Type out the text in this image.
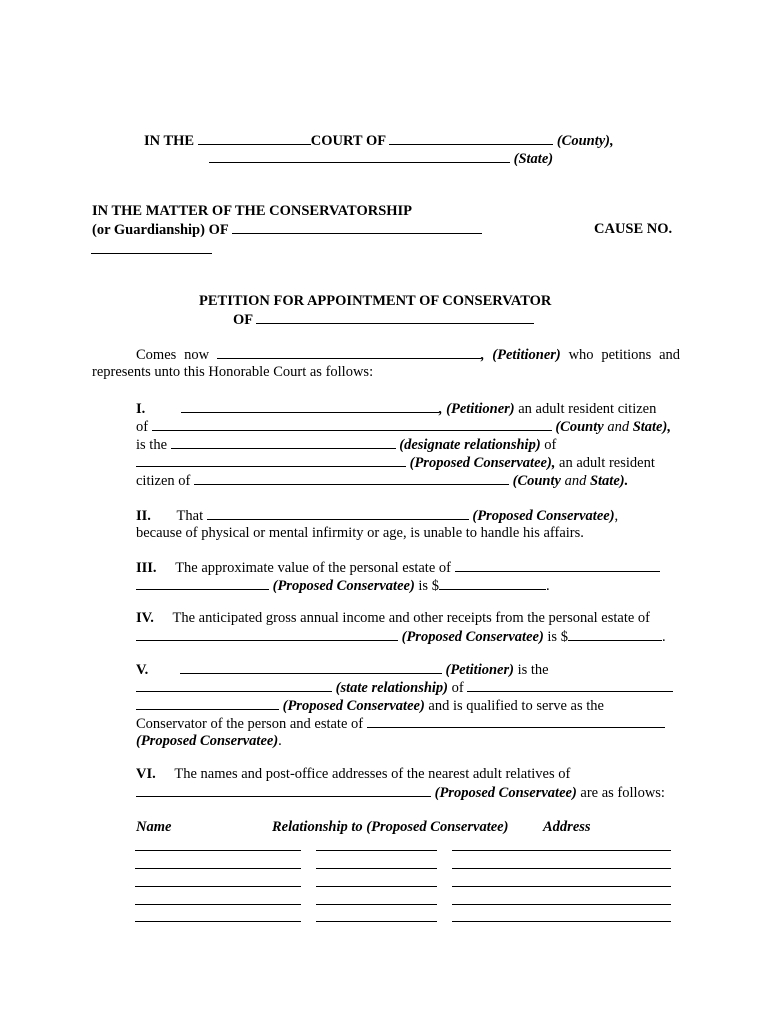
IN THE	COURT OF	(County),
(State)
IN THE MATTER OF THE CONSERVATORSHIP
(or Guardianship) OF	CAUSE NO.
PETITION FOR APPOINTMENT OF CONSERVATOR
OF
Comes now	, (Petitioner) who petitions and
represents unto this Honorable Court as follows:
I.	, (Petitioner) an adult resident citizen
of	(County and State),
is the	(designate relationship) of
(Proposed Conservatee), an adult resident
citizen of	(County and State).
II. That	(Proposed Conservatee),
because of physical or mental infirmity or age, is unable to handle his affairs.
III. The approximate value of the personal estate of
(Proposed Conservatee) is $	.
IV. The anticipated gross annual income and other receipts from the personal estate of
(Proposed Conservatee) is $	.
V.	(Petitioner) is the
(state relationship) of
(Proposed Conservatee) and is qualified to serve as the
Conservator of the person and estate of
(Proposed Conservatee).
VI. The names and post-office addresses of the nearest adult relatives of
(Proposed Conservatee) are as follows:
Name	Relationship to (Proposed Conservatee) Address
